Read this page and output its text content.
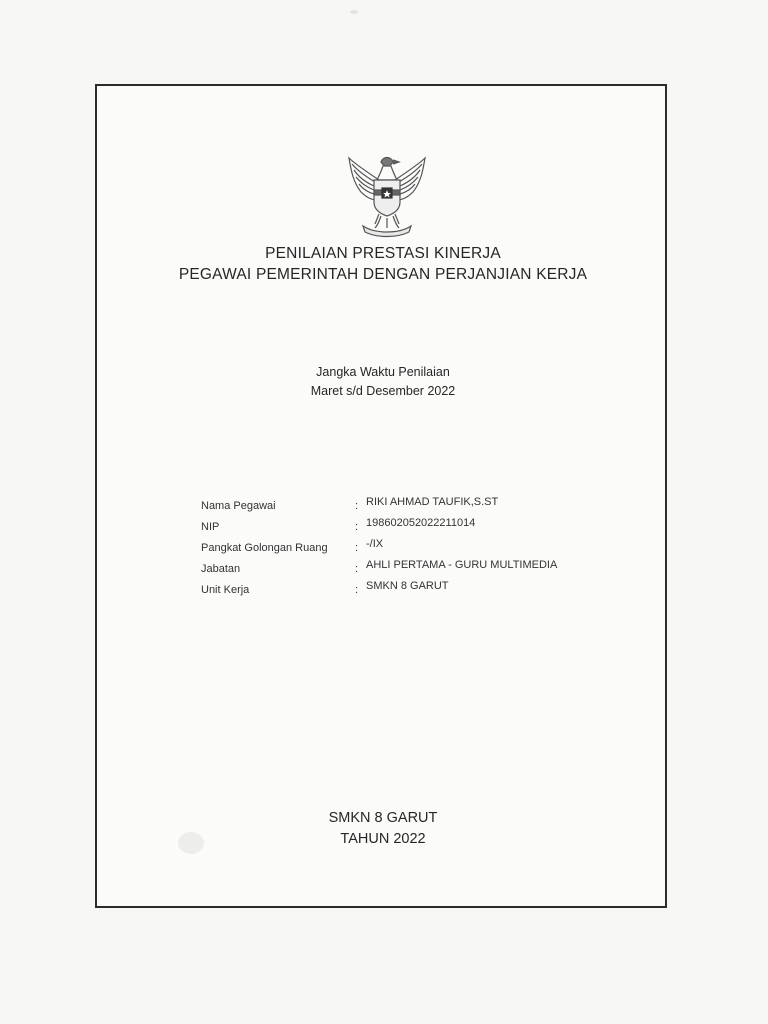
PENILAIAN PRESTASI KINERJA
PEGAWAI PEMERINTAH DENGAN PERJANJIAN KERJA
Jangka Waktu Penilaian
Maret s/d Desember 2022
Nama Pegawai	: RIKI AHMAD TAUFIK,S.ST
NIP	: 198602052022211014
Pangkat Golongan Ruang : -/IX
Jabatan	: AHLI PERTAMA - GURU MULTIMEDIA
Unit Kerja	: SMKN 8 GARUT
SMKN 8 GARUT
TAHUN 2022
